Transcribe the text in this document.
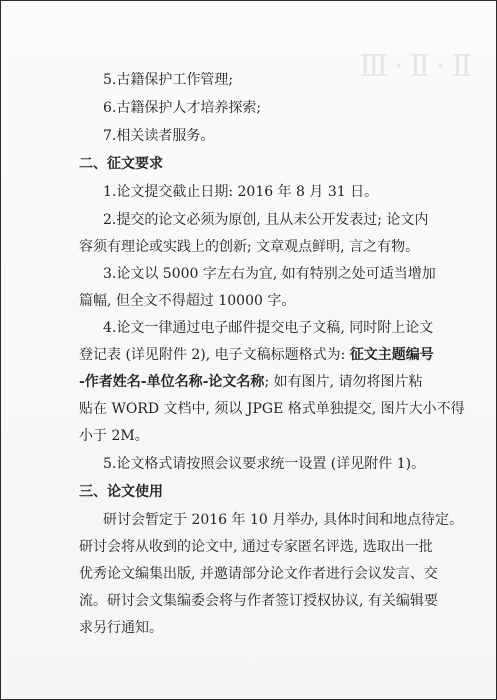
Ⅲ·Ⅱ·Ⅱ
5.古籍保护工作管理;
6.古籍保护人才培养探索;
7.相关读者服务。
二、征文要求
1.论文提交截止日期: 2016 年 8 月 31 日。
2.提交的论文必须为原创, 且从未公开发表过; 论文内
容须有理论或实践上的创新; 文章观点鲜明, 言之有物。
3.论文以 5000 字左右为宜, 如有特别之处可适当增加
篇幅, 但全文不得超过 10000 字。
4.论文一律通过电子邮件提交电子文稿, 同时附上论文
登记表 (详见附件 2), 电子文稿标题格式为: 征文主题编号
-作者姓名-单位名称-论文名称; 如有图片, 请勿将图片粘
贴在 WORD 文档中, 须以 JPGE 格式单独提交, 图片大小不得
小于 2M。
5.论文格式请按照会议要求统一设置 (详见附件 1)。
三、论文使用
研讨会暂定于 2016 年 10 月举办, 具体时间和地点待定。
研讨会将从收到的论文中, 通过专家匿名评选, 选取出一批
优秀论文编集出版, 并邀请部分论文作者进行会议发言、交
流。研讨会文集编委会将与作者签订授权协议, 有关编辑要
求另行通知。
